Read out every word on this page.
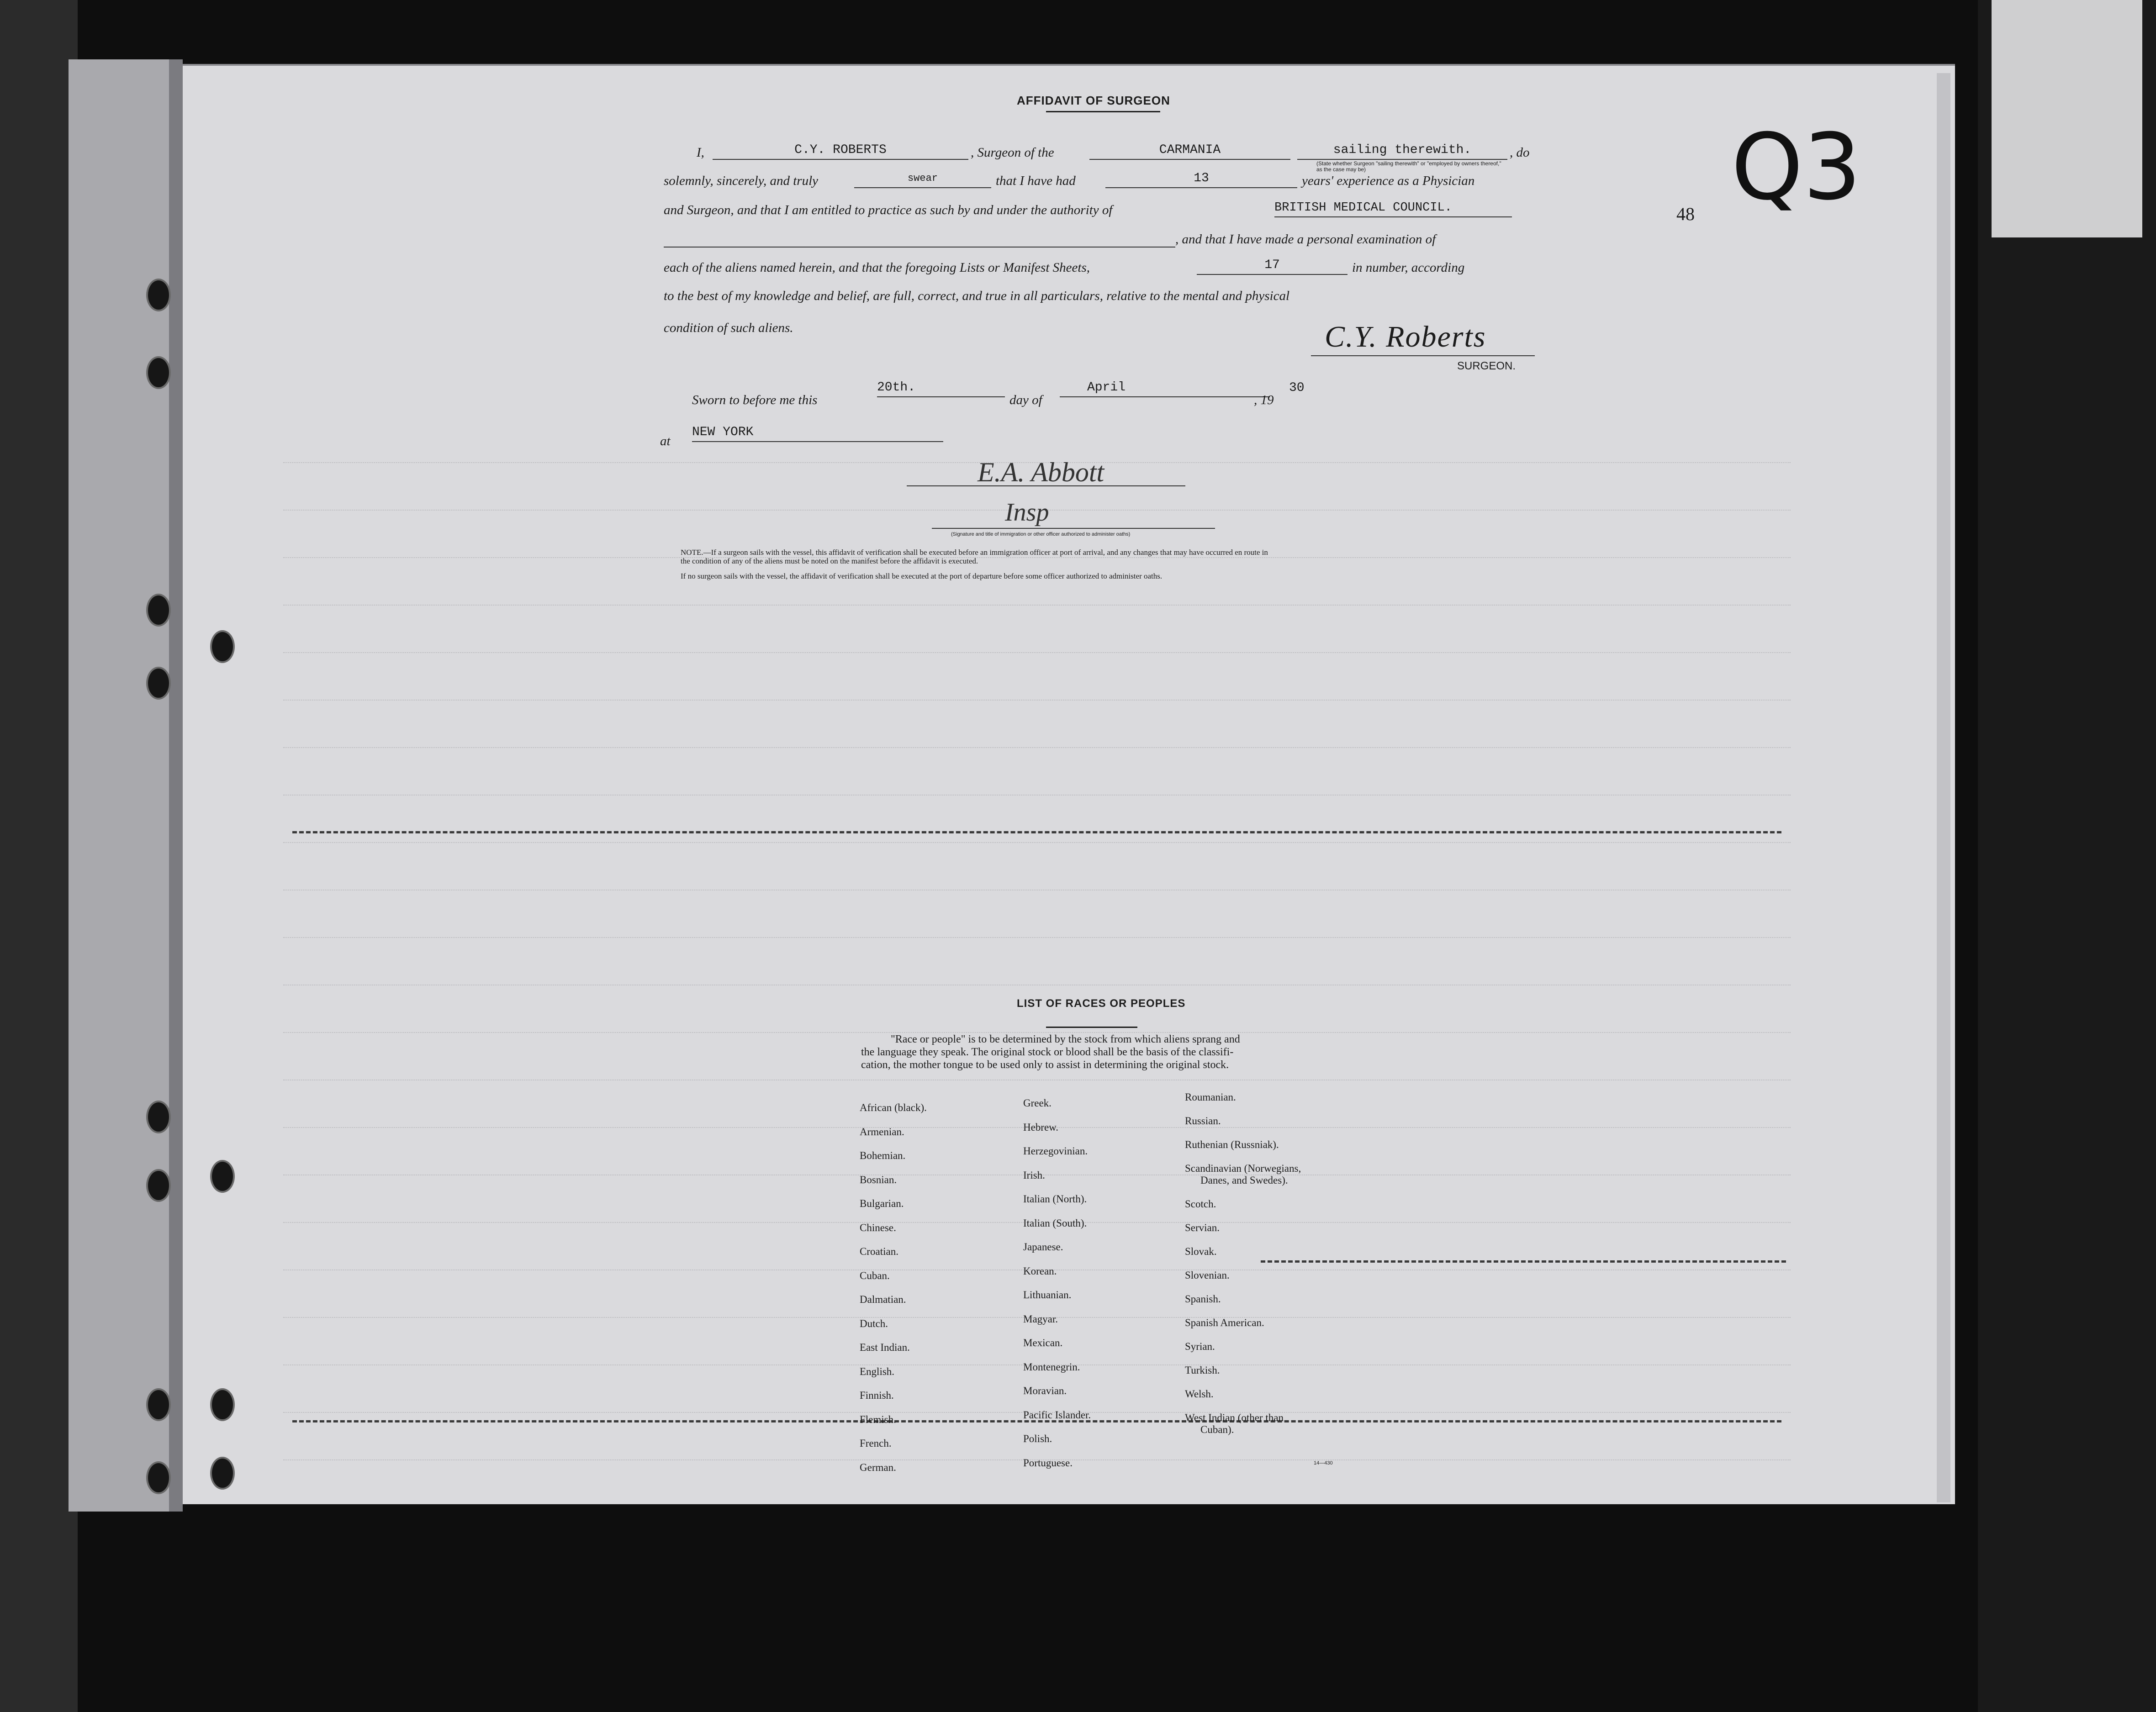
Q3
48
AFFIDAVIT OF SURGEON
I,	C.Y. ROBERTS	, Surgeon of the	CARMANIA	sailing therewith.	, do
(State whether Surgeon "sailing therewith" or "employed by owners thereof," as the case may be)
solemnly, sincerely, and truly	swear	that I have had	13	years' experience as a Physician
and Surgeon, and that I am entitled to practice as such by and under the authority of	BRITISH MEDICAL COUNCIL.
, and that I have made a personal examination of
each of the aliens named herein, and that the foregoing Lists or Manifest Sheets,	17	in number, according
to the best of my knowledge and belief, are full, correct, and true in all particulars, relative to the mental and physical
condition of such aliens.	C.Y. Roberts
SURGEON.
Sworn to before me this
20th.
day of
April
, 19
30
at
NEW YORK
E.A. Abbott
Insp
(Signature and title of immigration or other officer authorized to administer oaths)
NOTE.—If a surgeon sails with the vessel, this affidavit of verification shall be executed before an immigration officer at port of arrival, and any changes that may have occurred en route in
the condition of any of the aliens must be noted on the manifest before the affidavit is executed.
If no surgeon sails with the vessel, the affidavit of verification shall be executed at the port of departure before some officer authorized to administer oaths.
LIST OF RACES OR PEOPLES
"Race or people" is to be determined by the stock from which aliens sprang and
the language they speak. The original stock or blood shall be the basis of the classifi-
cation, the mother tongue to be used only to assist in determining the original stock.
African (black).
Armenian.
Bohemian.
Bosnian.
Bulgarian.
Chinese.
Croatian.
Cuban.
Dalmatian.
Dutch.
East Indian.
English.
Finnish.
Flemish.
French.
German.
Greek.
Hebrew.
Herzegovinian.
Irish.
Italian (North).
Italian (South).
Japanese.
Korean.
Lithuanian.
Magyar.
Mexican.
Montenegrin.
Moravian.
Pacific Islander.
Polish.
Portuguese.
Roumanian.
Russian.
Ruthenian (Russniak).
Scandinavian (Norwegians,
Danes, and Swedes).
Scotch.
Servian.
Slovak.
Slovenian.
Spanish.
Spanish American.
Syrian.
Turkish.
Welsh.
West Indian (other than
Cuban).
14—430
